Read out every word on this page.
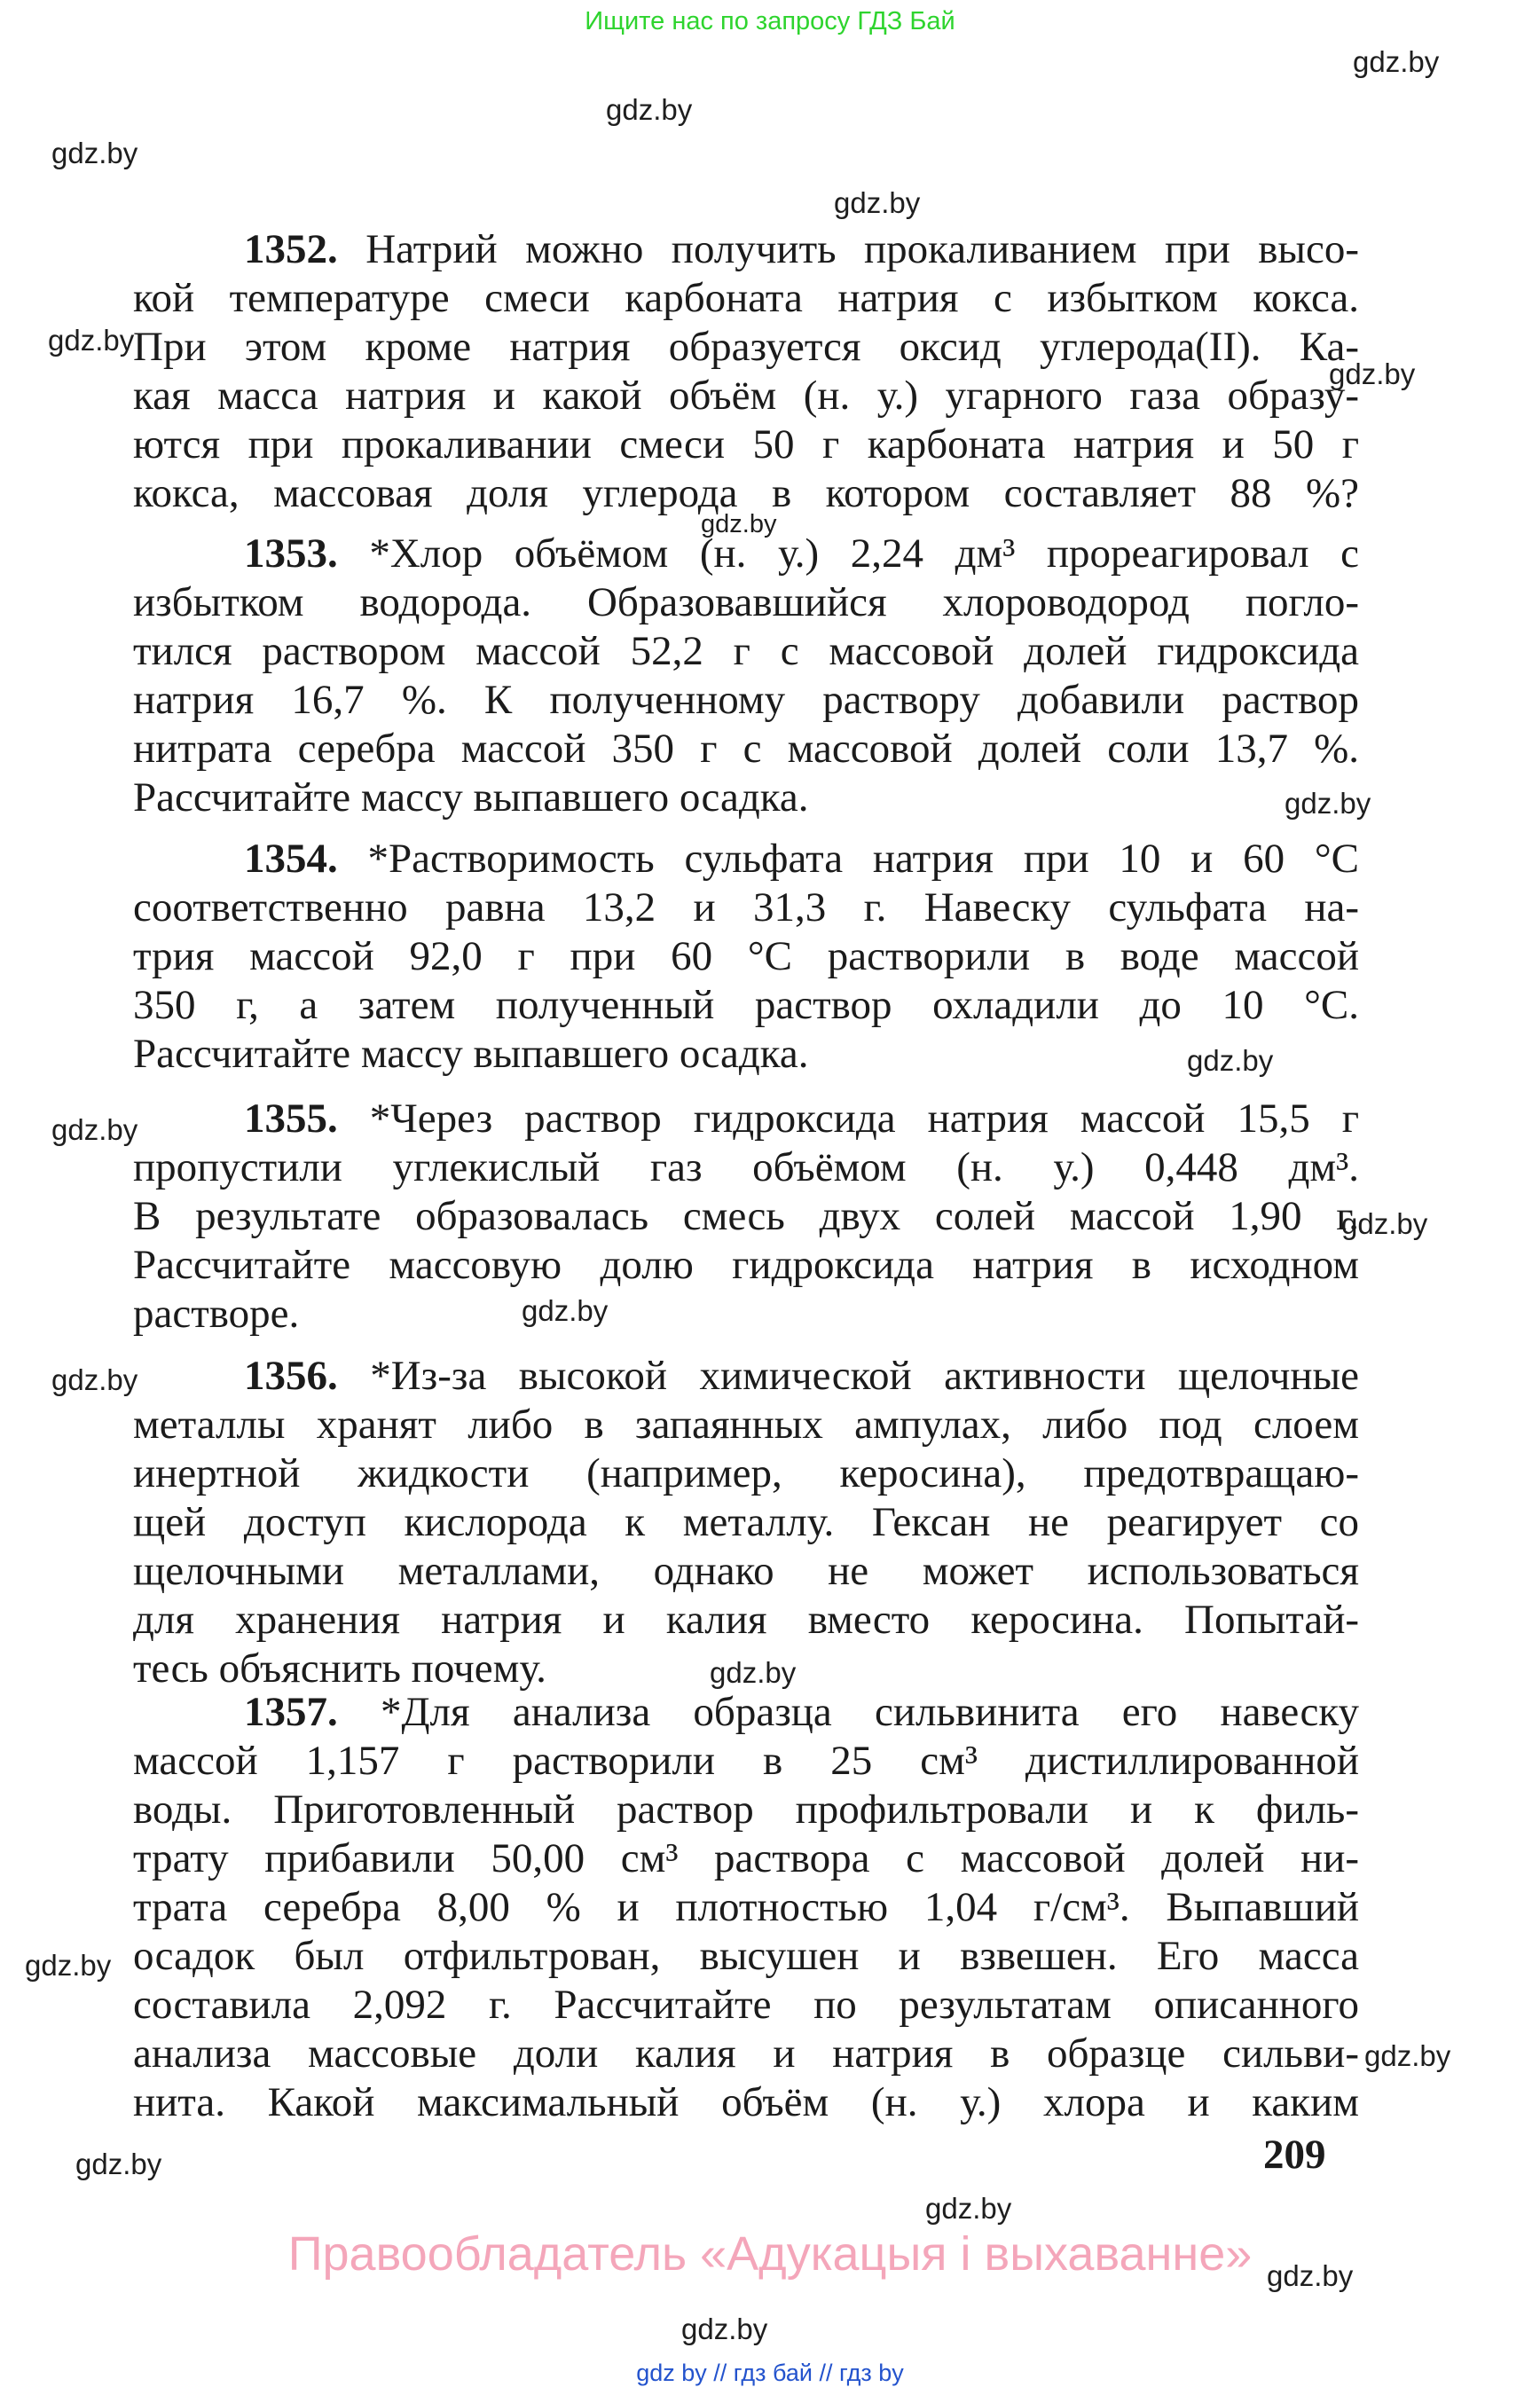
Ищите нас по запросу ГДЗ Бай
gdz.by
gdz.by
gdz.by
gdz.by
gdz.by
gdz.by
gdz.by
gdz.by
gdz.by
gdz.by
gdz.by
gdz.by
gdz.by
gdz.by
gdz.by
gdz.by
gdz.by
gdz.by
gdz.by
gdz.by
1352. Натрий можно получить прокаливанием при высо-
кой температуре смеси карбоната натрия с избытком кокса.
При этом кроме натрия образуется оксид углерода(II). Ка-
кая масса натрия и какой объём (н. у.) угарного газа образу-
ются при прокаливании смеси 50 г карбоната натрия и 50 г
кокса, массовая доля углерода в котором составляет 88 %?
1353. *Хлор объёмом (н. у.) 2,24 дм³ прореагировал с
избытком водорода. Образовавшийся хлороводород погло-
тился раствором массой 52,2 г с массовой долей гидроксида
натрия 16,7 %. К полученному раствору добавили раствор
нитрата серебра массой 350 г с массовой долей соли 13,7 %.
Рассчитайте массу выпавшего осадка.
1354. *Растворимость сульфата натрия при 10 и 60 °С
соответственно равна 13,2 и 31,3 г. Навеску сульфата на-
трия массой 92,0 г при 60 °С растворили в воде массой
350 г, а затем полученный раствор охладили до 10 °С.
Рассчитайте массу выпавшего осадка.
1355. *Через раствор гидроксида натрия массой 15,5 г
пропустили углекислый газ объёмом (н. у.) 0,448 дм³.
В результате образовалась смесь двух солей массой 1,90 г.
Рассчитайте массовую долю гидроксида натрия в исходном
растворе.
1356. *Из-за высокой химической активности щелочные
металлы хранят либо в запаянных ампулах, либо под слоем
инертной жидкости (например, керосина), предотвращаю-
щей доступ кислорода к металлу. Гексан не реагирует со
щелочными металлами, однако не может использоваться
для хранения натрия и калия вместо керосина. Попытай-
тесь объяснить почему.
1357. *Для анализа образца сильвинита его навеску
массой 1,157 г растворили в 25 см³ дистиллированной
воды. Приготовленный раствор профильтровали и к филь-
трату прибавили 50,00 см³ раствора с массовой долей ни-
трата серебра 8,00 % и плотностью 1,04 г/см³. Выпавший
осадок был отфильтрован, высушен и взвешен. Его масса
составила 2,092 г. Рассчитайте по результатам описанного
анализа массовые доли калия и натрия в образце сильви-
нита. Какой максимальный объём (н. у.) хлора и каким
209
Правообладатель «Адукацыя і выхаванне»
gdz by // гдз бай // гдз by
